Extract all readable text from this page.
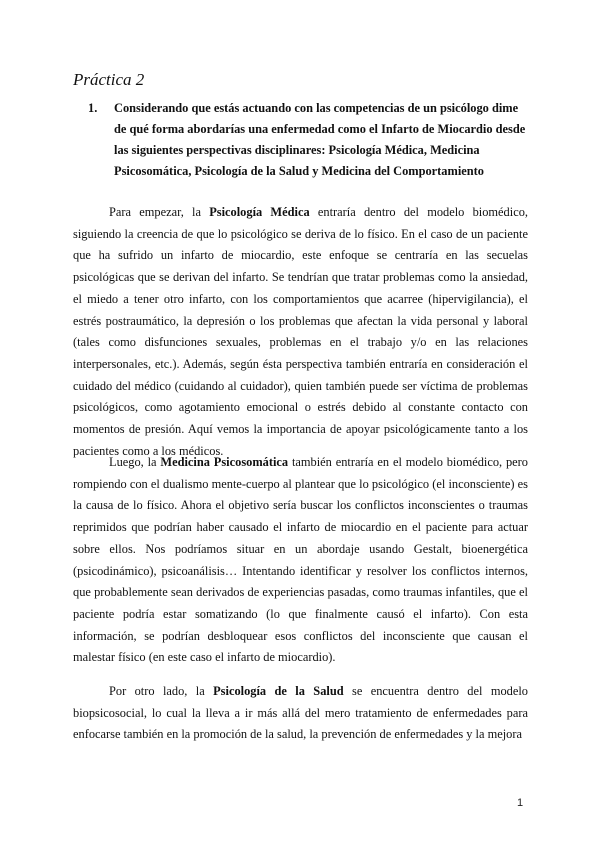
Práctica 2
1. Considerando que estás actuando con las competencias de un psicólogo dime de qué forma abordarías una enfermedad como el Infarto de Miocardio desde las siguientes perspectivas disciplinares: Psicología Médica, Medicina Psicosomática, Psicología de la Salud y Medicina del Comportamiento

Para empezar, la Psicología Médica entraría dentro del modelo biomédico, siguiendo la creencia de que lo psicológico se deriva de lo físico. En el caso de un paciente que ha sufrido un infarto de miocardio, este enfoque se centraría en las secuelas psicológicas que se derivan del infarto. Se tendrían que tratar problemas como la ansiedad, el miedo a tener otro infarto, con los comportamientos que acarree (hipervigilancia), el estrés postraumático, la depresión o los problemas que afectan la vida personal y laboral (tales como disfunciones sexuales, problemas en el trabajo y/o en las relaciones interpersonales, etc.). Además, según ésta perspectiva también entraría en consideración el cuidado del médico (cuidando al cuidador), quien también puede ser víctima de problemas psicológicos, como agotamiento emocional o estrés debido al constante contacto con momentos de presión. Aquí vemos la importancia de apoyar psicológicamente tanto a los pacientes como a los médicos.

Luego, la Medicina Psicosomática también entraría en el modelo biomédico, pero rompiendo con el dualismo mente-cuerpo al plantear que lo psicológico (el inconsciente) es la causa de lo físico. Ahora el objetivo sería buscar los conflictos inconscientes o traumas reprimidos que podrían haber causado el infarto de miocardio en el paciente para actuar sobre ellos. Nos podríamos situar en un abordaje usando Gestalt, bioenergética (psicodinámico), psicoanálisis… Intentando identificar y resolver los conflictos internos, que probablemente sean derivados de experiencias pasadas, como traumas infantiles, que el paciente podría estar somatizando (lo que finalmente causó el infarto). Con esta información, se podrían desbloquear esos conflictos del inconsciente que causan el malestar físico (en este caso el infarto de miocardio).

Por otro lado, la Psicología de la Salud se encuentra dentro del modelo biopsicosocial, lo cual la lleva a ir más allá del mero tratamiento de enfermedades para enfocarse también en la promoción de la salud, la prevención de enfermedades y la mejora

1
